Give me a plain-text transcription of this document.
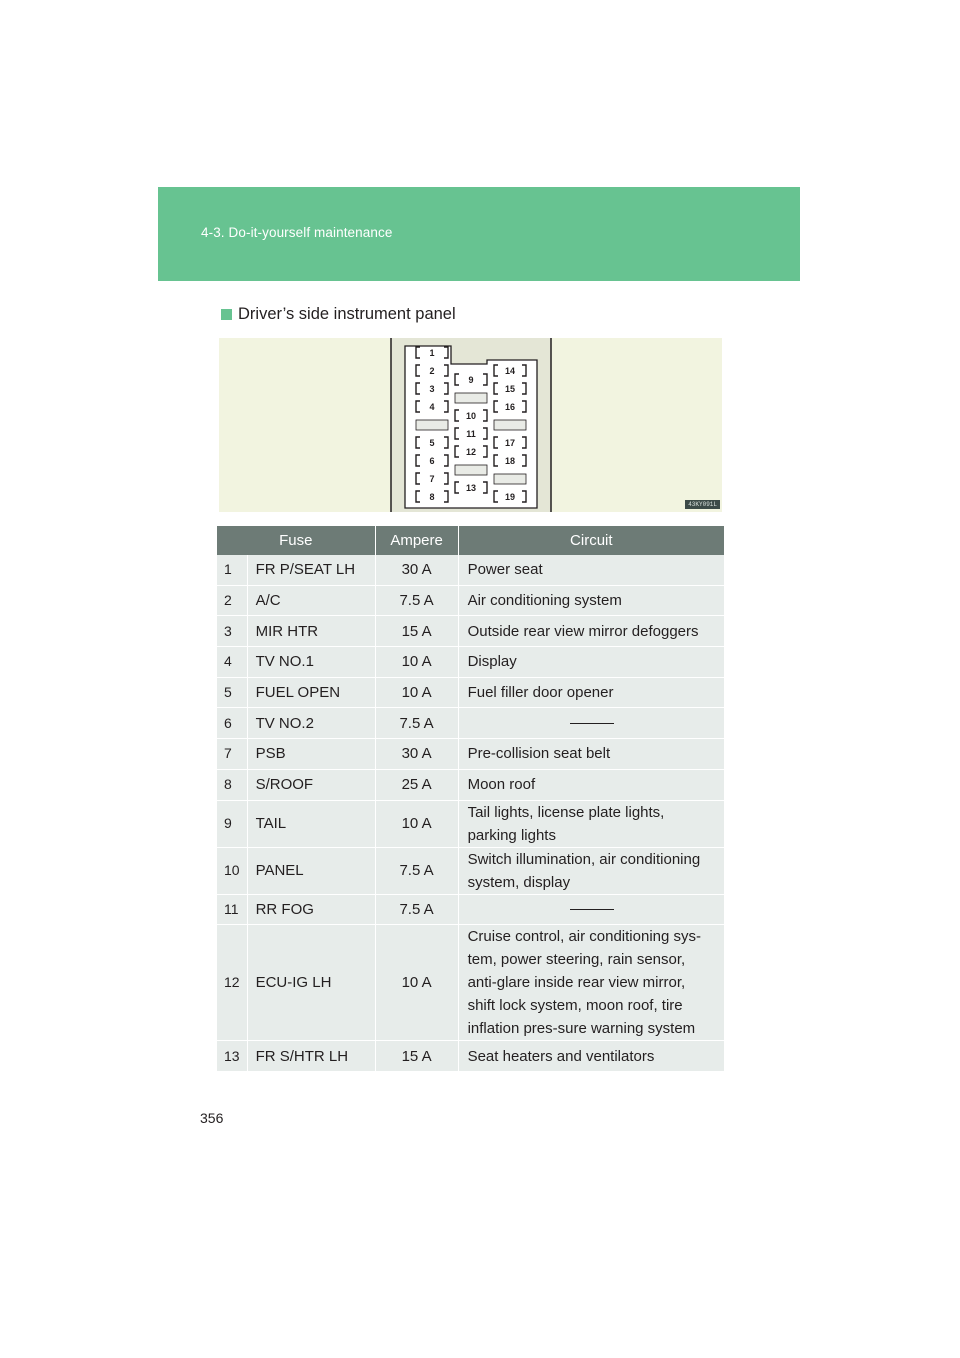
4-3. Do-it-yourself maintenance
Driver’s side instrument panel
1
2
3
4
5
6
7
8
9
10
11
12
13
14
15
16
17
18
19
43KY091L
Fuse		Ampere	Circuit
1	FR P/SEAT LH	30 A	Power seat
2	A/C	7.5 A	Air conditioning system
3	MIR HTR	15 A	Outside rear view mirror defoggers
4	TV NO.1	10 A	Display
5	FUEL OPEN	10 A	Fuel filler door opener
6	TV NO.2	7.5 A	

7	PSB	30 A	Pre-collision seat belt
8	S/ROOF	25 A	Moon roof
9	TAIL	10 A	Tail lights, license plate lights, parking lights
10	PANEL	7.5 A	Switch illumination, air conditioning system, display
11	RR FOG	7.5 A	

12	ECU-IG LH	10 A	Cruise control, air conditioning sys-tem, power steering, rain sensor, anti-glare inside rear view mirror, shift lock system, moon roof, tire inflation pres-sure warning system
13	FR S/HTR LH	15 A	Seat heaters and ventilators
356
